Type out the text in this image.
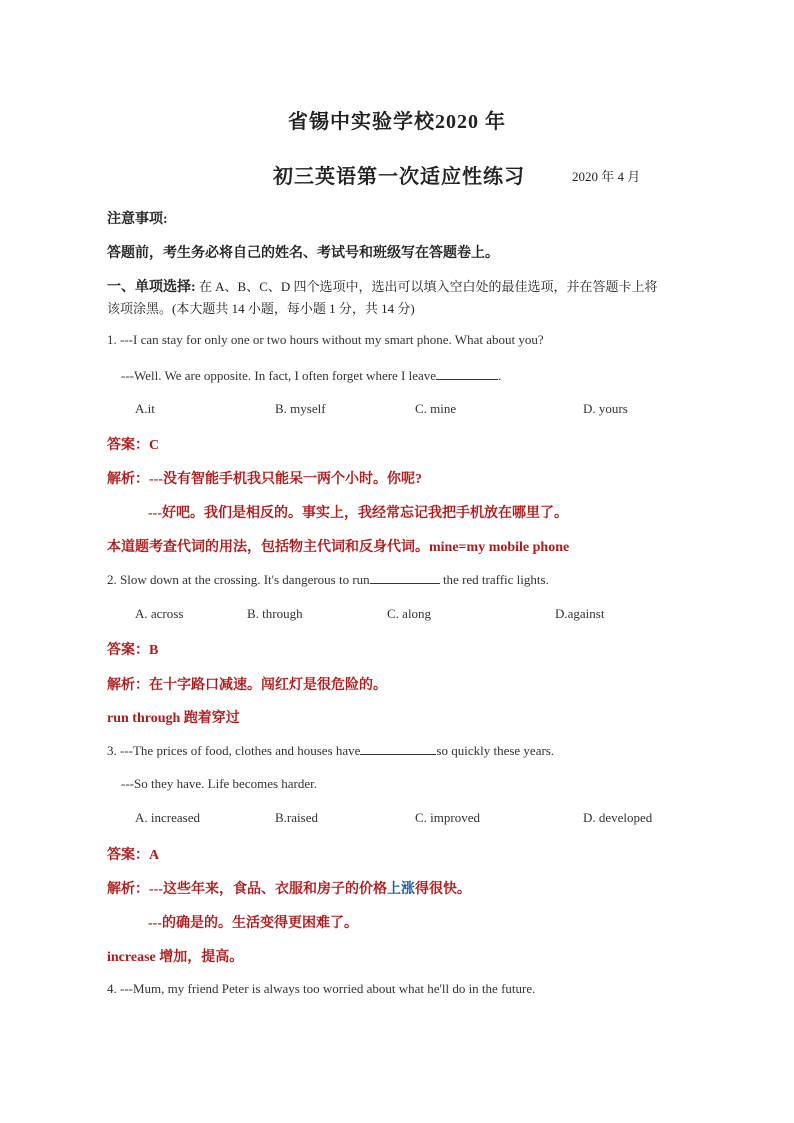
省锡中实验学校2020 年
初三英语第一次适应性练习	2020 年 4 月
注意事项:
答题前，考生务必将自己的姓名、考试号和班级写在答题卷上。
一、单项选择: 在 A、B、C、D 四个选项中，选出可以填入空白处的最佳选项，并在答题卡上将
该项涂黑。(本大题共 14 小题，每小题 1 分，共 14 分)
1. ---I can stay for only one or two hours without my smart phone. What about you?
---Well. We are opposite. In fact, I often forget where I leave	.
A.it	B. myself	C. mine	D. yours
答案：C
解析：---没有智能手机我只能呆一两个小时。你呢?
---好吧。我们是相反的。事实上，我经常忘记我把手机放在哪里了。
本道题考查代词的用法，包括物主代词和反身代词。mine=my mobile phone
2. Slow down at the crossing. It's dangerous to run	the red traffic lights.
A. across	B. through	C. along	D.against
答案：B
解析：在十字路口减速。闯红灯是很危险的。
run through 跑着穿过
3. ---The prices of food, clothes and houses have	so quickly these years.
---So they have. Life becomes harder.
A. increased	B.raised	C. improved	D. developed
答案：A
解析：---这些年来，食品、衣服和房子的价格上涨得很快。
---的确是的。生活变得更困难了。
increase 增加，提高。
4. ---Mum, my friend Peter is always too worried about what he'll do in the future.
